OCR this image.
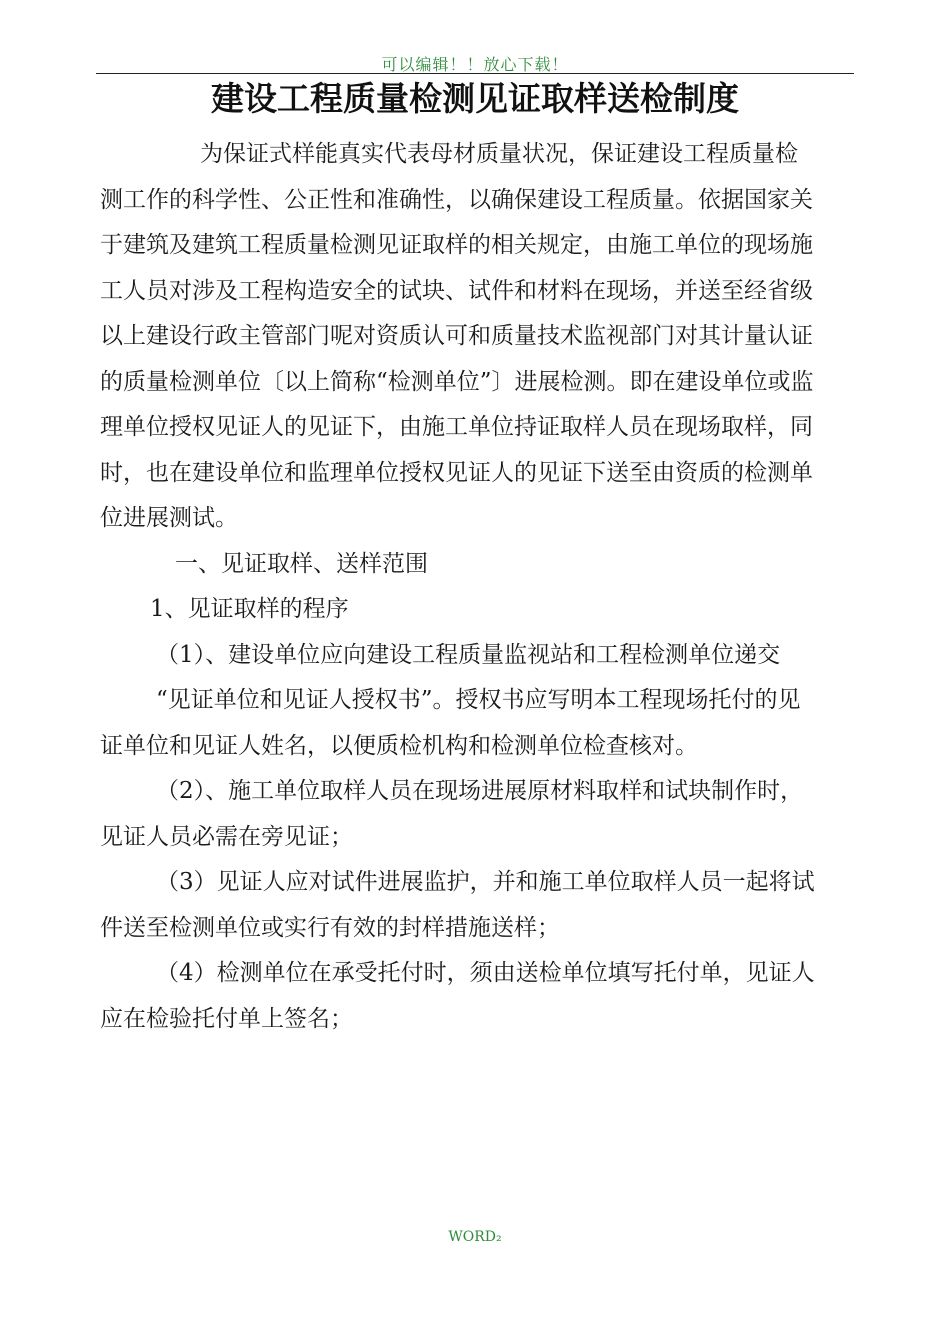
可以编辑！！放心下载！
建设工程质量检测见证取样送检制度

为保证式样能真实代表母材质量状况，保证建设工程质量检测工作的科学性、公正性和准确性，以确保建设工程质量。依据国家关于建筑及建筑工程质量检测见证取样的相关规定，由施工单位的现场施工人员对涉及工程构造安全的试块、试件和材料在现场，并送至经省级以上建设行政主管部门呢对资质认可和质量技术监视部门对其计量认证的质量检测单位〔以上简称“检测单位”〕进展检测。即在建设单位或监理单位授权见证人的见证下，由施工单位持证取样人员在现场取样，同时，也在建设单位和监理单位授权见证人的见证下送至由资质的检测单位进展测试。

一、见证取样、送样范围

1、见证取样的程序

（1）、建设单位应向建设工程质量监视站和工程检测单位递交

“见证单位和见证人授权书”。授权书应写明本工程现场托付的见证单位和见证人姓名，以便质检机构和检测单位检查核对。

（2）、施工单位取样人员在现场进展原材料取样和试块制作时，见证人员必需在旁见证；

（3）见证人应对试件进展监护，并和施工单位取样人员一起将试件送至检测单位或实行有效的封样措施送样；

（4）检测单位在承受托付时，须由送检单位填写托付单，见证人应在检验托付单上签名；

WORD₂
